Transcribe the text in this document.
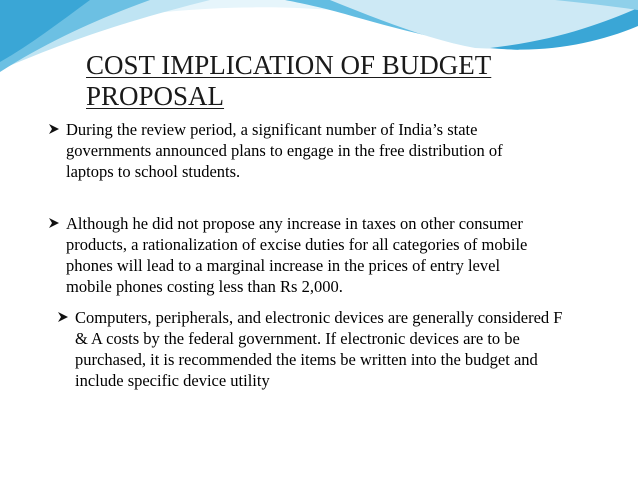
COST IMPLICATION OF BUDGET PROPOSAL
During the review period, a significant number of India’s state governments announced plans to engage in the free distribution of laptops to school students.
Although he did not propose any increase in taxes on other consumer products, a rationalization of excise duties for all categories of mobile phones will lead to a marginal increase in the prices of entry level mobile phones costing less than Rs 2,000.
Computers, peripherals, and electronic devices are generally considered F & A costs by the federal government. If electronic devices are to be purchased, it is recommended the items be written into the budget and include specific device utility
